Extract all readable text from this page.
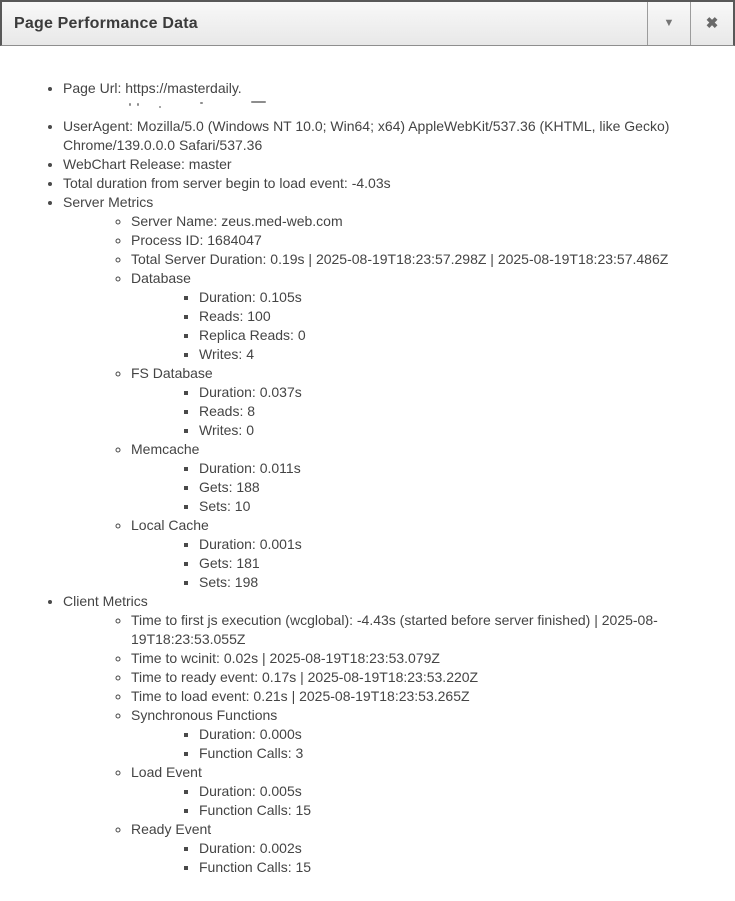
Page Performance Data	▼ ✖
• Page Url: https://masterdaily.
• UserAgent: Mozilla/5.0 (Windows NT 10.0; Win64; x64) AppleWebKit/537.36 (KHTML, like Gecko) Chrome/139.0.0.0 Safari/537.36
• WebChart Release: master
• Total duration from server begin to load event: -4.03s
• Server Metrics
◦ Server Name: zeus.med-web.com
◦ Process ID: 1684047
◦ Total Server Duration: 0.19s | 2025-08-19T18:23:57.298Z | 2025-08-19T18:23:57.486Z
◦ Database
▪ Duration: 0.105s
▪ Reads: 100
▪ Replica Reads: 0
▪ Writes: 4
◦ FS Database
▪ Duration: 0.037s
▪ Reads: 8
▪ Writes: 0
◦ Memcache
▪ Duration: 0.011s
▪ Gets: 188
▪ Sets: 10
◦ Local Cache
▪ Duration: 0.001s
▪ Gets: 181
▪ Sets: 198
• Client Metrics
◦ Time to first js execution (wcglobal): -4.43s (started before server finished) | 2025-08-19T18:23:53.055Z
◦ Time to wcinit: 0.02s | 2025-08-19T18:23:53.079Z
◦ Time to ready event: 0.17s | 2025-08-19T18:23:53.220Z
◦ Time to load event: 0.21s | 2025-08-19T18:23:53.265Z
◦ Synchronous Functions
▪ Duration: 0.000s
▪ Function Calls: 3
◦ Load Event
▪ Duration: 0.005s
▪ Function Calls: 15
◦ Ready Event
▪ Duration: 0.002s
▪ Function Calls: 15
